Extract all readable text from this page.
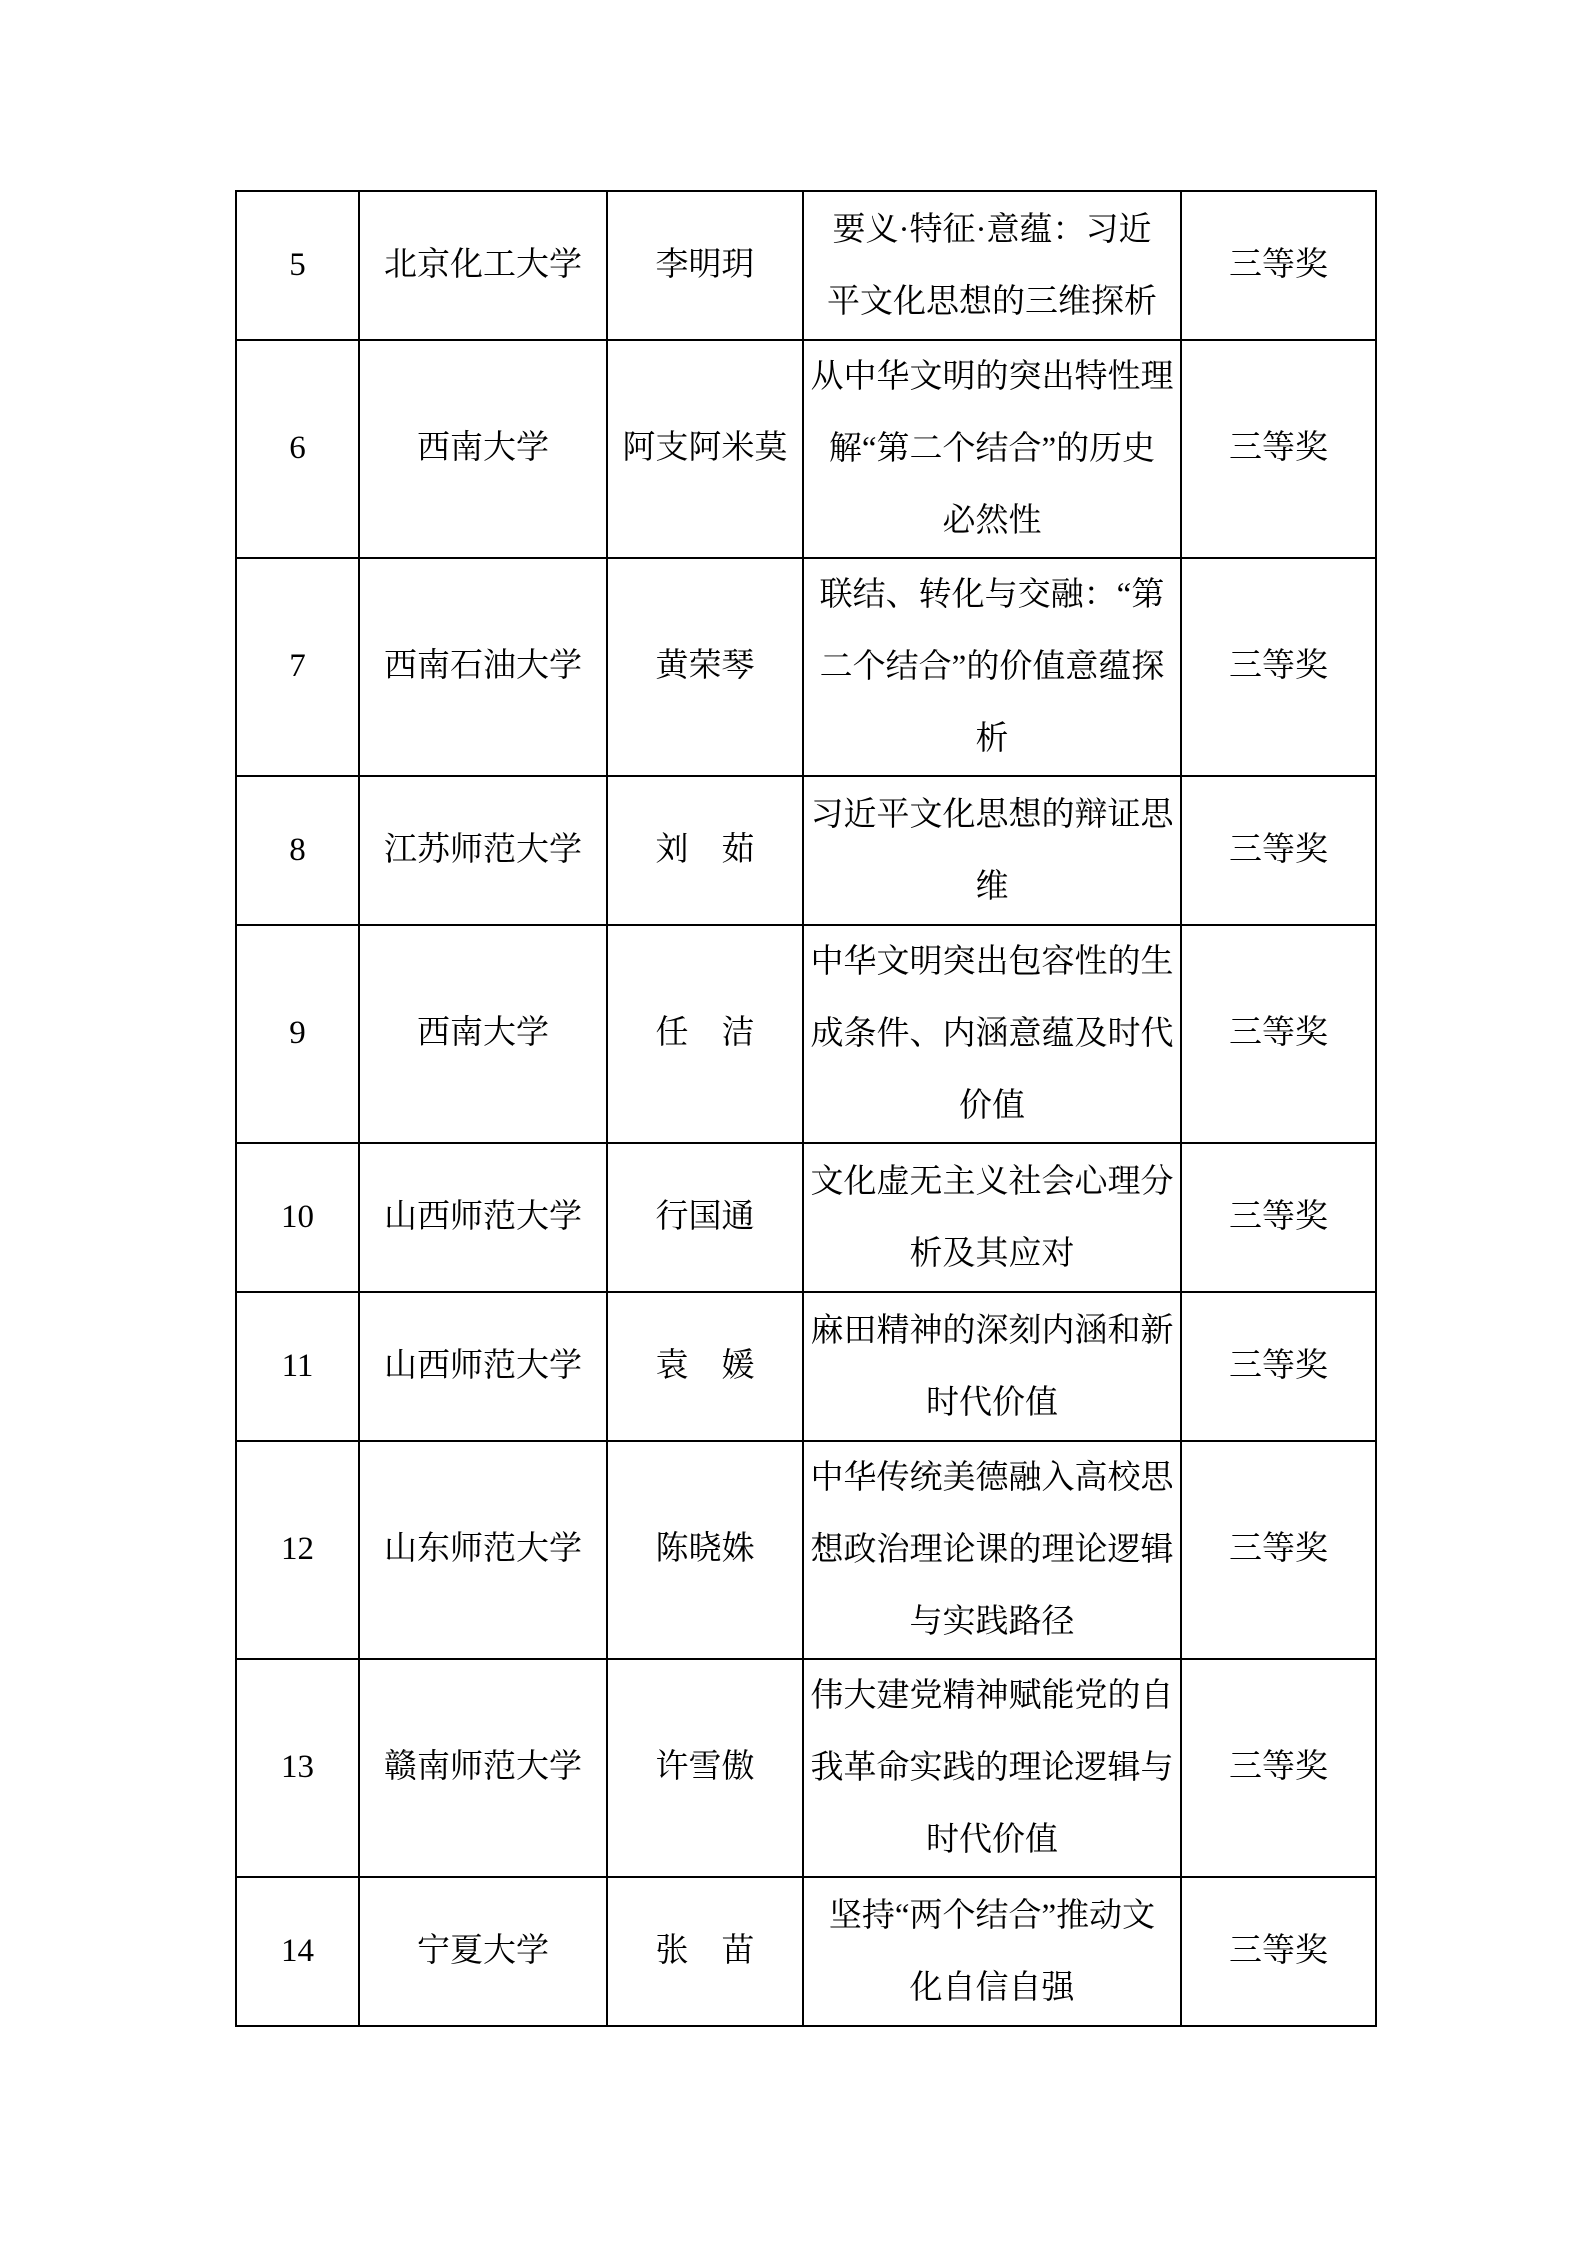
5	北京化工大学	李明玥	要义·特征·意蕴：习近
平文化思想的三维探析	三等奖
6	西南大学	阿支阿米莫	从中华文明的突出特性理
解“第二个结合”的历史
必然性	三等奖
7	西南石油大学	黄荣琴	联结、转化与交融：“第
二个结合”的价值意蕴探
析	三等奖
8	江苏师范大学	刘　茹	习近平文化思想的辩证思
维	三等奖
9	西南大学	任　洁	中华文明突出包容性的生
成条件、内涵意蕴及时代
价值	三等奖
10	山西师范大学	行国通	文化虚无主义社会心理分
析及其应对	三等奖
11	山西师范大学	袁　媛	麻田精神的深刻内涵和新
时代价值	三等奖
12	山东师范大学	陈晓姝	中华传统美德融入高校思
想政治理论课的理论逻辑
与实践路径	三等奖
13	赣南师范大学	许雪傲	伟大建党精神赋能党的自
我革命实践的理论逻辑与
时代价值	三等奖
14	宁夏大学	张　苗	坚持“两个结合”推动文
化自信自强	三等奖
